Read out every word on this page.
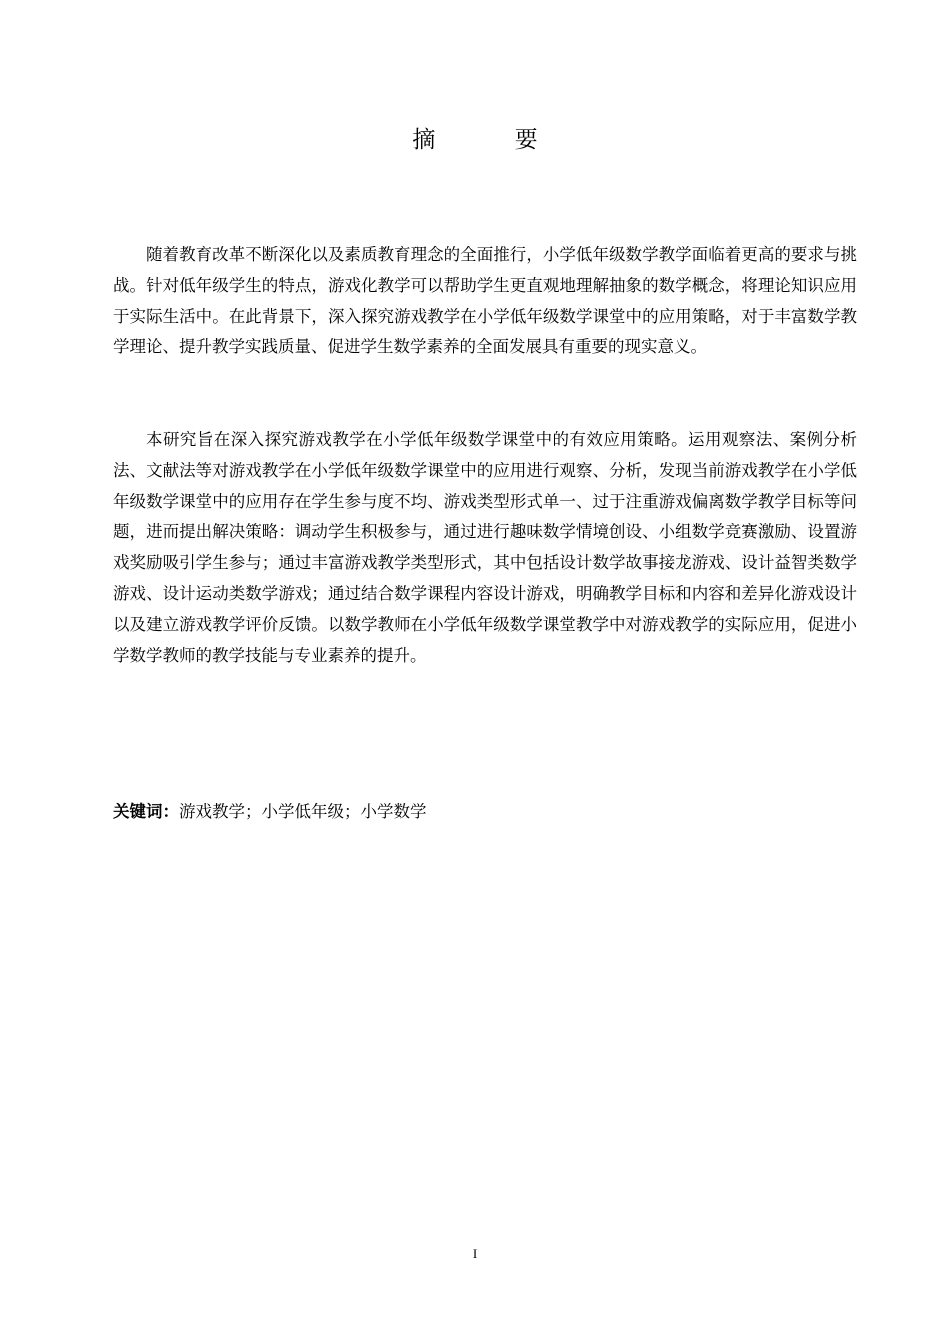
摘 要

随着教育改革不断深化以及素质教育理念的全面推行，小学低年级数学教学面临着更高的要求与挑战。针对低年级学生的特点，游戏化教学可以帮助学生更直观地理解抽象的数学概念，将理论知识应用于实际生活中。在此背景下，深入探究游戏教学在小学低年级数学课堂中的应用策略，对于丰富数学教学理论、提升教学实践质量、促进学生数学素养的全面发展具有重要的现实意义。

本研究旨在深入探究游戏教学在小学低年级数学课堂中的有效应用策略。运用观察法、案例分析法、文献法等对游戏教学在小学低年级数学课堂中的应用进行观察、分析，发现当前游戏教学在小学低年级数学课堂中的应用存在学生参与度不均、游戏类型形式单一、过于注重游戏偏离数学教学目标等问题，进而提出解决策略：调动学生积极参与，通过进行趣味数学情境创设、小组数学竞赛激励、设置游戏奖励吸引学生参与；通过丰富游戏教学类型形式，其中包括设计数学故事接龙游戏、设计益智类数学游戏、设计运动类数学游戏；通过结合数学课程内容设计游戏，明确教学目标和内容和差异化游戏设计以及建立游戏教学评价反馈。以数学教师在小学低年级数学课堂教学中对游戏教学的实际应用，促进小学数学教师的教学技能与专业素养的提升。

关键词：游戏教学；小学低年级；小学数学
I
